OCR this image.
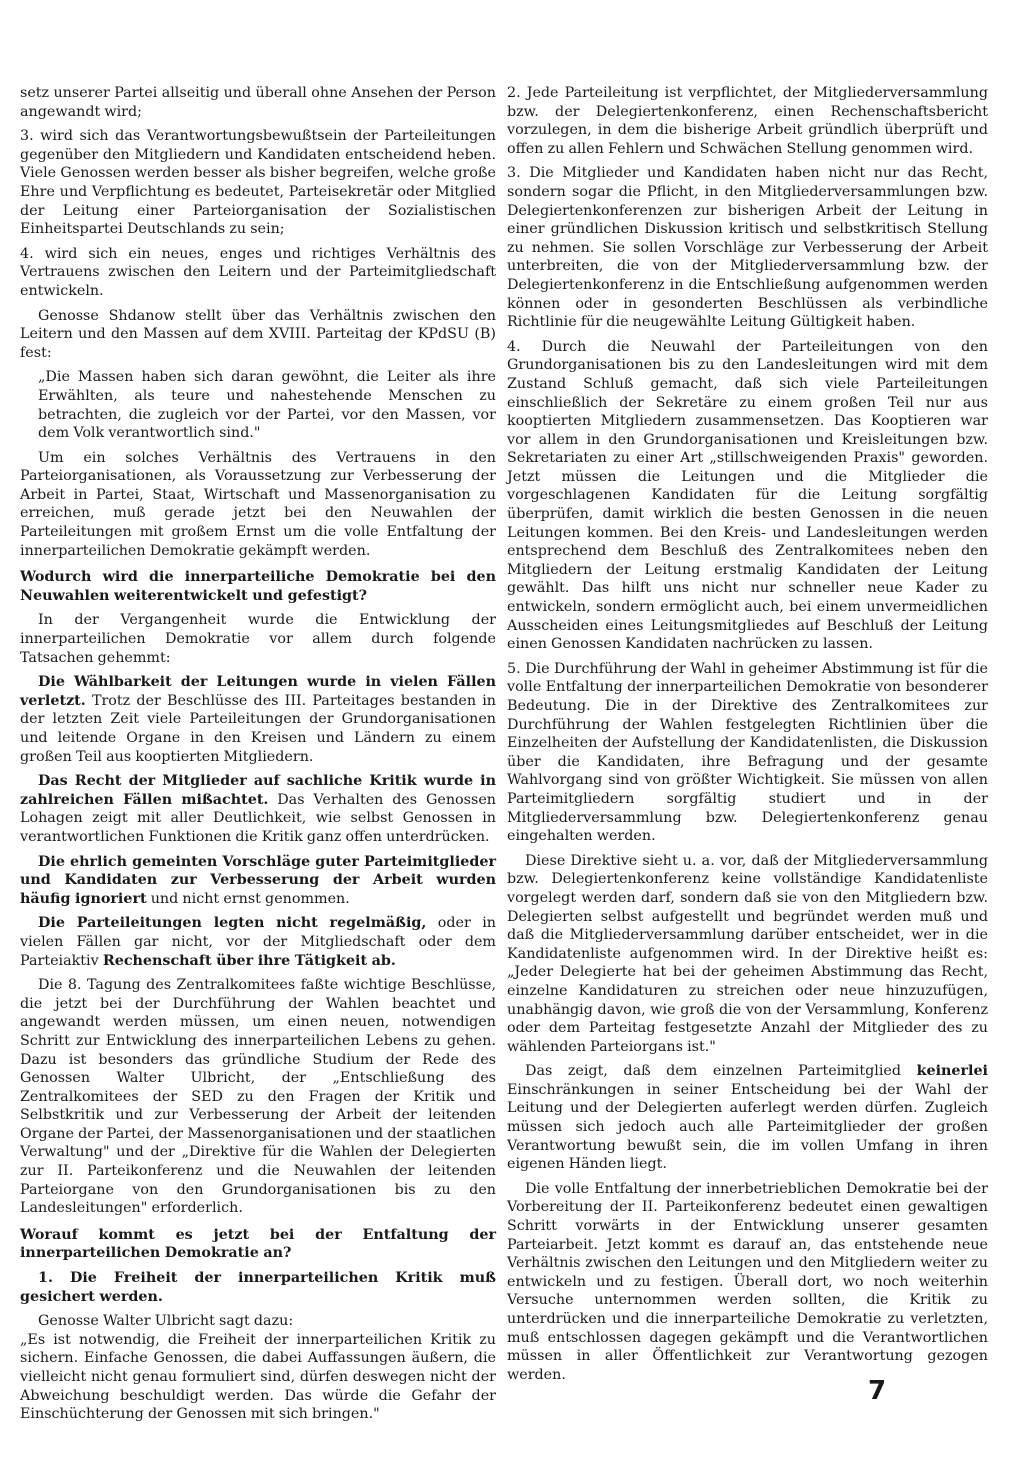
setz unserer Partei allseitig und überall ohne Ansehen der Person angewandt wird;

3. wird sich das Verantwortungsbewußtsein der Parteileitungen gegenüber den Mitgliedern und Kandidaten entscheidend heben. Viele Genossen werden besser als bisher begreifen, welche große Ehre und Verpflichtung es bedeutet, Parteisekretär oder Mitglied der Leitung einer Parteiorganisation der Sozialistischen Einheitspartei Deutschlands zu sein;

4. wird sich ein neues, enges und richtiges Verhältnis des Vertrauens zwischen den Leitern und der Parteimitgliedschaft entwickeln.

Genosse Shdanow stellt über das Verhältnis zwischen den Leitern und den Massen auf dem XVIII. Parteitag der KPdSU (B) fest:

„Die Massen haben sich daran gewöhnt, die Leiter als ihre Erwählten, als teure und nahestehende Menschen zu betrachten, die zugleich vor der Partei, vor den Massen, vor dem Volk verantwortlich sind."

Um ein solches Verhältnis des Vertrauens in den Parteiorganisationen, als Voraussetzung zur Verbesserung der Arbeit in Partei, Staat, Wirtschaft und Massenorganisation zu erreichen, muß gerade jetzt bei den Neuwahlen der Parteileitungen mit großem Ernst um die volle Entfaltung der innerparteilichen Demokratie gekämpft werden.

Wodurch wird die innerparteiliche Demokratie bei den Neuwahlen weiterentwickelt und gefestigt?

In der Vergangenheit wurde die Entwicklung der innerparteilichen Demokratie vor allem durch folgende Tatsachen gehemmt:

Die Wählbarkeit der Leitungen wurde in vielen Fällen verletzt. Trotz der Beschlüsse des III. Parteitages bestanden in der letzten Zeit viele Parteileitungen der Grundorganisationen und leitende Organe in den Kreisen und Ländern zu einem großen Teil aus kooptierten Mitgliedern.

Das Recht der Mitglieder auf sachliche Kritik wurde in zahlreichen Fällen mißachtet. Das Verhalten des Genossen Lohagen zeigt mit aller Deutlichkeit, wie selbst Genossen in verantwortlichen Funktionen die Kritik ganz offen unterdrücken.

Die ehrlich gemeinten Vorschläge guter Parteimitglieder und Kandidaten zur Verbesserung der Arbeit wurden häufig ignoriert und nicht ernst genommen.

Die Parteileitungen legten nicht regelmäßig, oder in vielen Fällen gar nicht, vor der Mitgliedschaft oder dem Parteiaktiv Rechenschaft über ihre Tätigkeit ab.

Die 8. Tagung des Zentralkomitees faßte wichtige Beschlüsse, die jetzt bei der Durchführung der Wahlen beachtet und angewandt werden müssen, um einen neuen, notwendigen Schritt zur Entwicklung des innerparteilichen Lebens zu gehen. Dazu ist besonders das gründliche Studium der Rede des Genossen Walter Ulbricht, der „Entschließung des Zentralkomitees der SED zu den Fragen der Kritik und Selbstkritik und zur Verbesserung der Arbeit der leitenden Organe der Partei, der Massenorganisationen und der staatlichen Verwaltung" und der „Direktive für die Wahlen der Delegierten zur II. Parteikonferenz und die Neuwahlen der leitenden Parteiorgane von den Grundorganisationen bis zu den Landesleitungen" erforderlich.

Worauf kommt es jetzt bei der Entfaltung der innerparteilichen Demokratie an?

1. Die Freiheit der innerparteilichen Kritik muß gesichert werden.

Genosse Walter Ulbricht sagt dazu:

„Es ist notwendig, die Freiheit der innerparteilichen Kritik zu sichern. Einfache Genossen, die dabei Auffassungen äußern, die vielleicht nicht genau formuliert sind, dürfen deswegen nicht der Abweichung beschuldigt werden. Das würde die Gefahr der Einschüchterung der Genossen mit sich bringen."

2. Jede Parteileitung ist verpflichtet, der Mitgliederversammlung bzw. der Delegiertenkonferenz, einen Rechenschaftsbericht vorzulegen, in dem die bisherige Arbeit gründlich überprüft und offen zu allen Fehlern und Schwächen Stellung genommen wird.

3. Die Mitglieder und Kandidaten haben nicht nur das Recht, sondern sogar die Pflicht, in den Mitgliederversammlungen bzw. Delegiertenkonferenzen zur bisherigen Arbeit der Leitung in einer gründlichen Diskussion kritisch und selbstkritisch Stellung zu nehmen. Sie sollen Vorschläge zur Verbesserung der Arbeit unterbreiten, die von der Mitgliederversammlung bzw. der Delegiertenkonferenz in die Entschließung aufgenommen werden können oder in gesonderten Beschlüssen als verbindliche Richtlinie für die neugewählte Leitung Gültigkeit haben.

4. Durch die Neuwahl der Parteileitungen von den Grundorganisationen bis zu den Landesleitungen wird mit dem Zustand Schluß gemacht, daß sich viele Parteileitungen einschließlich der Sekretäre zu einem großen Teil nur aus kooptierten Mitgliedern zusammensetzen. Das Kooptieren war vor allem in den Grundorganisationen und Kreisleitungen bzw. Sekretariaten zu einer Art „stillschweigenden Praxis" geworden. Jetzt müssen die Leitungen und die Mitglieder die vorgeschlagenen Kandidaten für die Leitung sorgfältig überprüfen, damit wirklich die besten Genossen in die neuen Leitungen kommen. Bei den Kreis- und Landesleitungen werden entsprechend dem Beschluß des Zentralkomitees neben den Mitgliedern der Leitung erstmalig Kandidaten der Leitung gewählt. Das hilft uns nicht nur schneller neue Kader zu entwickeln, sondern ermöglicht auch, bei einem unvermeidlichen Ausscheiden eines Leitungsmitgliedes auf Beschluß der Leitung einen Genossen Kandidaten nachrücken zu lassen.

5. Die Durchführung der Wahl in geheimer Abstimmung ist für die volle Entfaltung der innerparteilichen Demokratie von besonderer Bedeutung. Die in der Direktive des Zentralkomitees zur Durchführung der Wahlen festgelegten Richtlinien über die Einzelheiten der Aufstellung der Kandidatenlisten, die Diskussion über die Kandidaten, ihre Befragung und der gesamte Wahlvorgang sind von größter Wichtigkeit. Sie müssen von allen Parteimitgliedern sorgfältig studiert und in der Mitgliederversammlung bzw. Delegiertenkonferenz genau eingehalten werden.

Diese Direktive sieht u. a. vor, daß der Mitgliederversammlung bzw. Delegiertenkonferenz keine vollständige Kandidatenliste vorgelegt werden darf, sondern daß sie von den Mitgliedern bzw. Delegierten selbst aufgestellt und begründet werden muß und daß die Mitgliederversammlung darüber entscheidet, wer in die Kandidatenliste aufgenommen wird. In der Direktive heißt es: „Jeder Delegierte hat bei der geheimen Abstimmung das Recht, einzelne Kandidaturen zu streichen oder neue hinzuzufügen, unabhängig davon, wie groß die von der Versammlung, Konferenz oder dem Parteitag festgesetzte Anzahl der Mitglieder des zu wählenden Parteiorgans ist."

Das zeigt, daß dem einzelnen Parteimitglied keinerlei Einschränkungen in seiner Entscheidung bei der Wahl der Leitung und der Delegierten auferlegt werden dürfen. Zugleich müssen sich jedoch auch alle Parteimitglieder der großen Verantwortung bewußt sein, die im vollen Umfang in ihren eigenen Händen liegt.

Die volle Entfaltung der innerbetrieblichen Demokratie bei der Vorbereitung der II. Parteikonferenz bedeutet einen gewaltigen Schritt vorwärts in der Entwicklung unserer gesamten Parteiarbeit. Jetzt kommt es darauf an, das entstehende neue Verhältnis zwischen den Leitungen und den Mitgliedern weiter zu entwickeln und zu festigen. Überall dort, wo noch weiterhin Versuche unternommen werden sollten, die Kritik zu unterdrücken und die innerparteiliche Demokratie zu verletzten, muß entschlossen dagegen gekämpft und die Verantwortlichen müssen in aller Öffentlichkeit zur Verantwortung gezogen werden.

7
